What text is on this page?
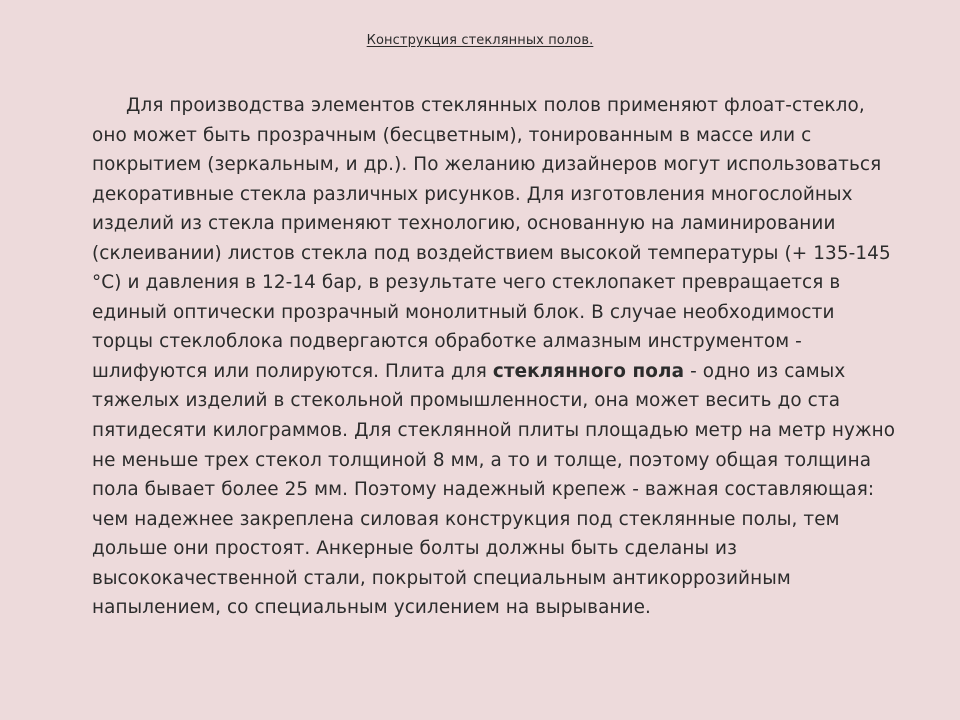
Конструкция стеклянных полов.

Для производства элементов стеклянных полов применяют флоат-стекло, оно может быть прозрачным (бесцветным), тонированным в массе или с покрытием (зеркальным, и др.). По желанию дизайнеров могут использоваться декоративные стекла различных рисунков. Для изготовления многослойных изделий из стекла применяют технологию, основанную на ламинировании (склеивании) листов стекла под воздействием высокой температуры (+ 135-145 °C) и давления в 12-14 бар, в результате чего стеклопакет превращается в единый оптически прозрачный монолитный блок. В случае необходимости торцы стеклоблока подвергаются обработке алмазным инструментом - шлифуются или полируются. Плита для стеклянного пола - одно из самых тяжелых изделий в стекольной промышленности, она может весить до ста пятидесяти килограммов. Для стеклянной плиты площадью метр на метр нужно не меньше трех стекол толщиной 8 мм, а то и толще, поэтому общая толщина пола бывает более 25 мм. Поэтому надежный крепеж - важная составляющая: чем надежнее закреплена силовая конструкция под стеклянные полы, тем дольше они простоят. Анкерные болты должны быть сделаны из высококачественной стали, покрытой специальным антикоррозийным напылением, со специальным усилением на вырывание.
